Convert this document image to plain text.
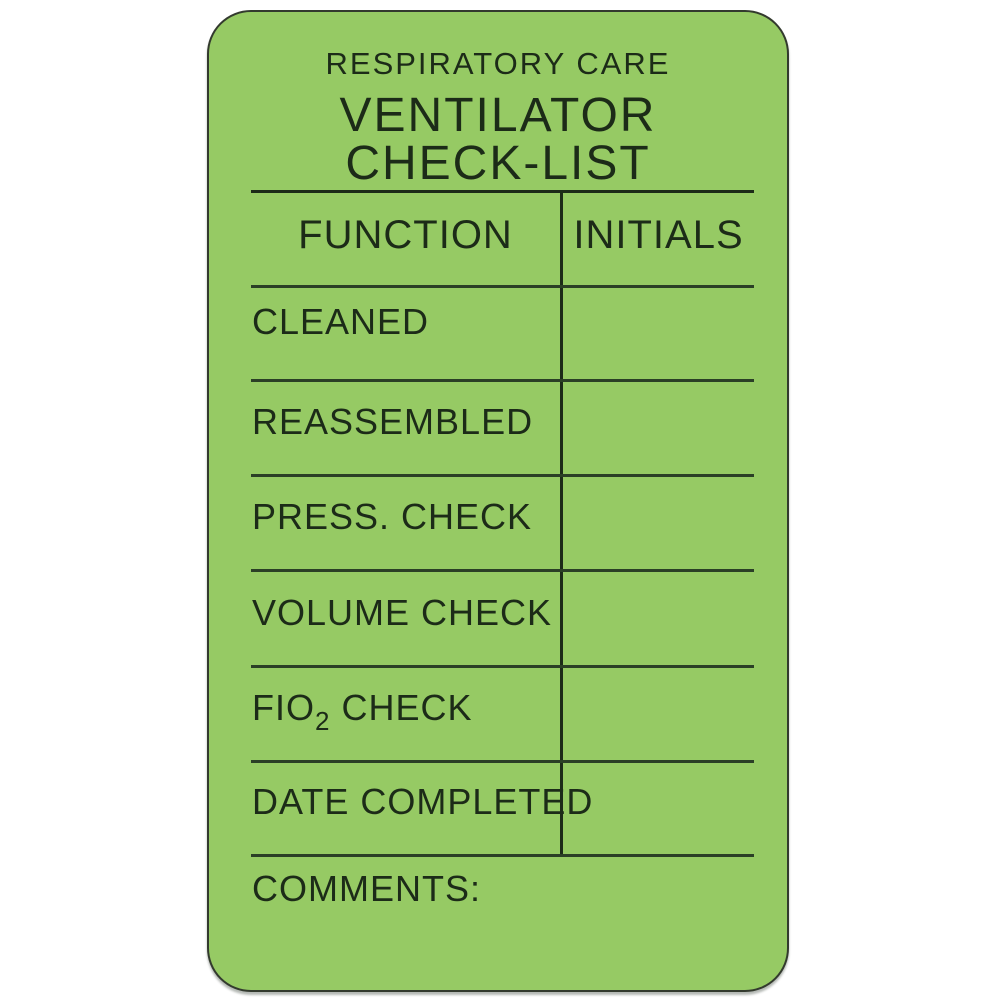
RESPIRATORY CARE
VENTILATOR
CHECK-LIST
FUNCTION	INITIALS
CLEANED
REASSEMBLED
PRESS. CHECK
VOLUME CHECK
FIO2 CHECK
DATE COMPLETED
COMMENTS:
